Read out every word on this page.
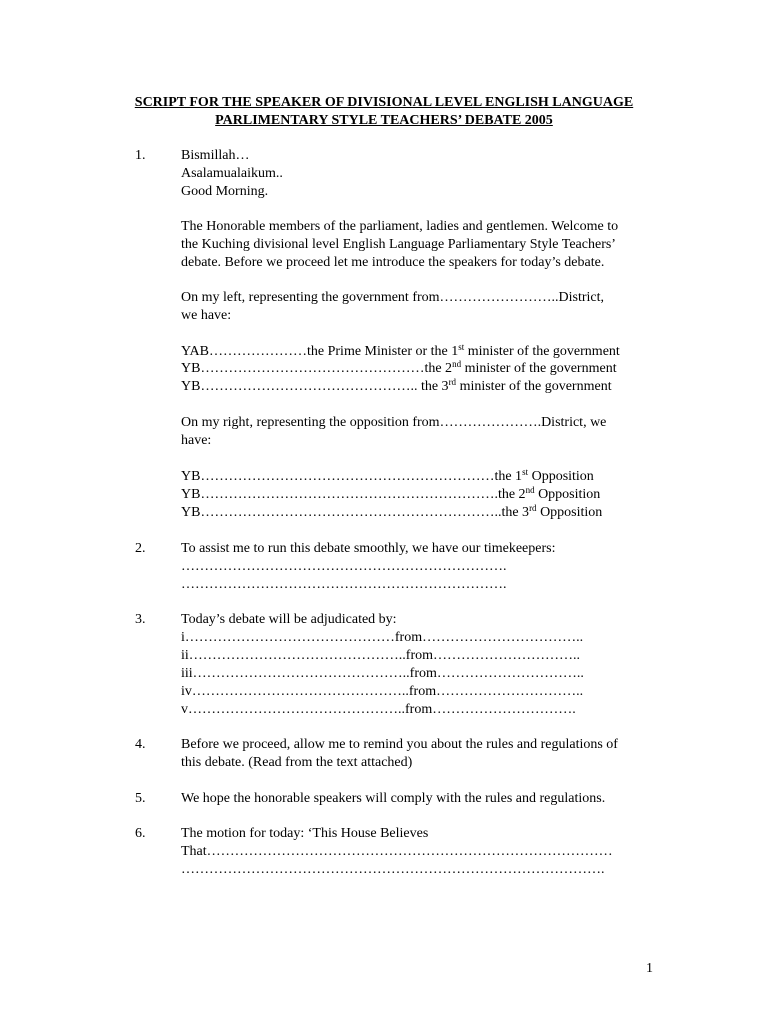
SCRIPT FOR THE SPEAKER OF DIVISIONAL LEVEL ENGLISH LANGUAGE
PARLIMENTARY STYLE TEACHERS’ DEBATE 2005
1.	Bismillah…
Asalamualaikum..
Good Morning.
The Honorable members of the parliament, ladies and gentlemen. Welcome to
the Kuching divisional level English Language Parliamentary Style Teachers’
debate. Before we proceed let me introduce the speakers for today’s debate.
On my left, representing the government from……………………..District,
we have:
YAB…………………the Prime Minister or the 1st minister of the government
YB…………………………………………the 2nd minister of the government
YB……………………………………….. the 3rd minister of the government
On my right, representing the opposition from………………….District, we
have:
YB………………………………………………………the 1st Opposition
YB……………………………………………………….the 2nd Opposition
YB………………………………………………………..the 3rd Opposition
2.	To assist me to run this debate smoothly, we have our timekeepers:
…………………………………………………………….
…………………………………………………………….
3.	Today’s debate will be adjudicated by:
i………………………………………from……………………………..
ii………………………………………..from…………………………..
iii………………………………………..from…………………………..
iv………………………………………..from…………………………..
v………………………………………..from………………………….
4.	Before we proceed, allow me to remind you about the rules and regulations of
this debate. (Read from the text attached)
5.	We hope the honorable speakers will comply with the rules and regulations.
6.	The motion for today: ‘This House Believes
That……………………………………………………………………………
……………………………………………………………………………….
1
